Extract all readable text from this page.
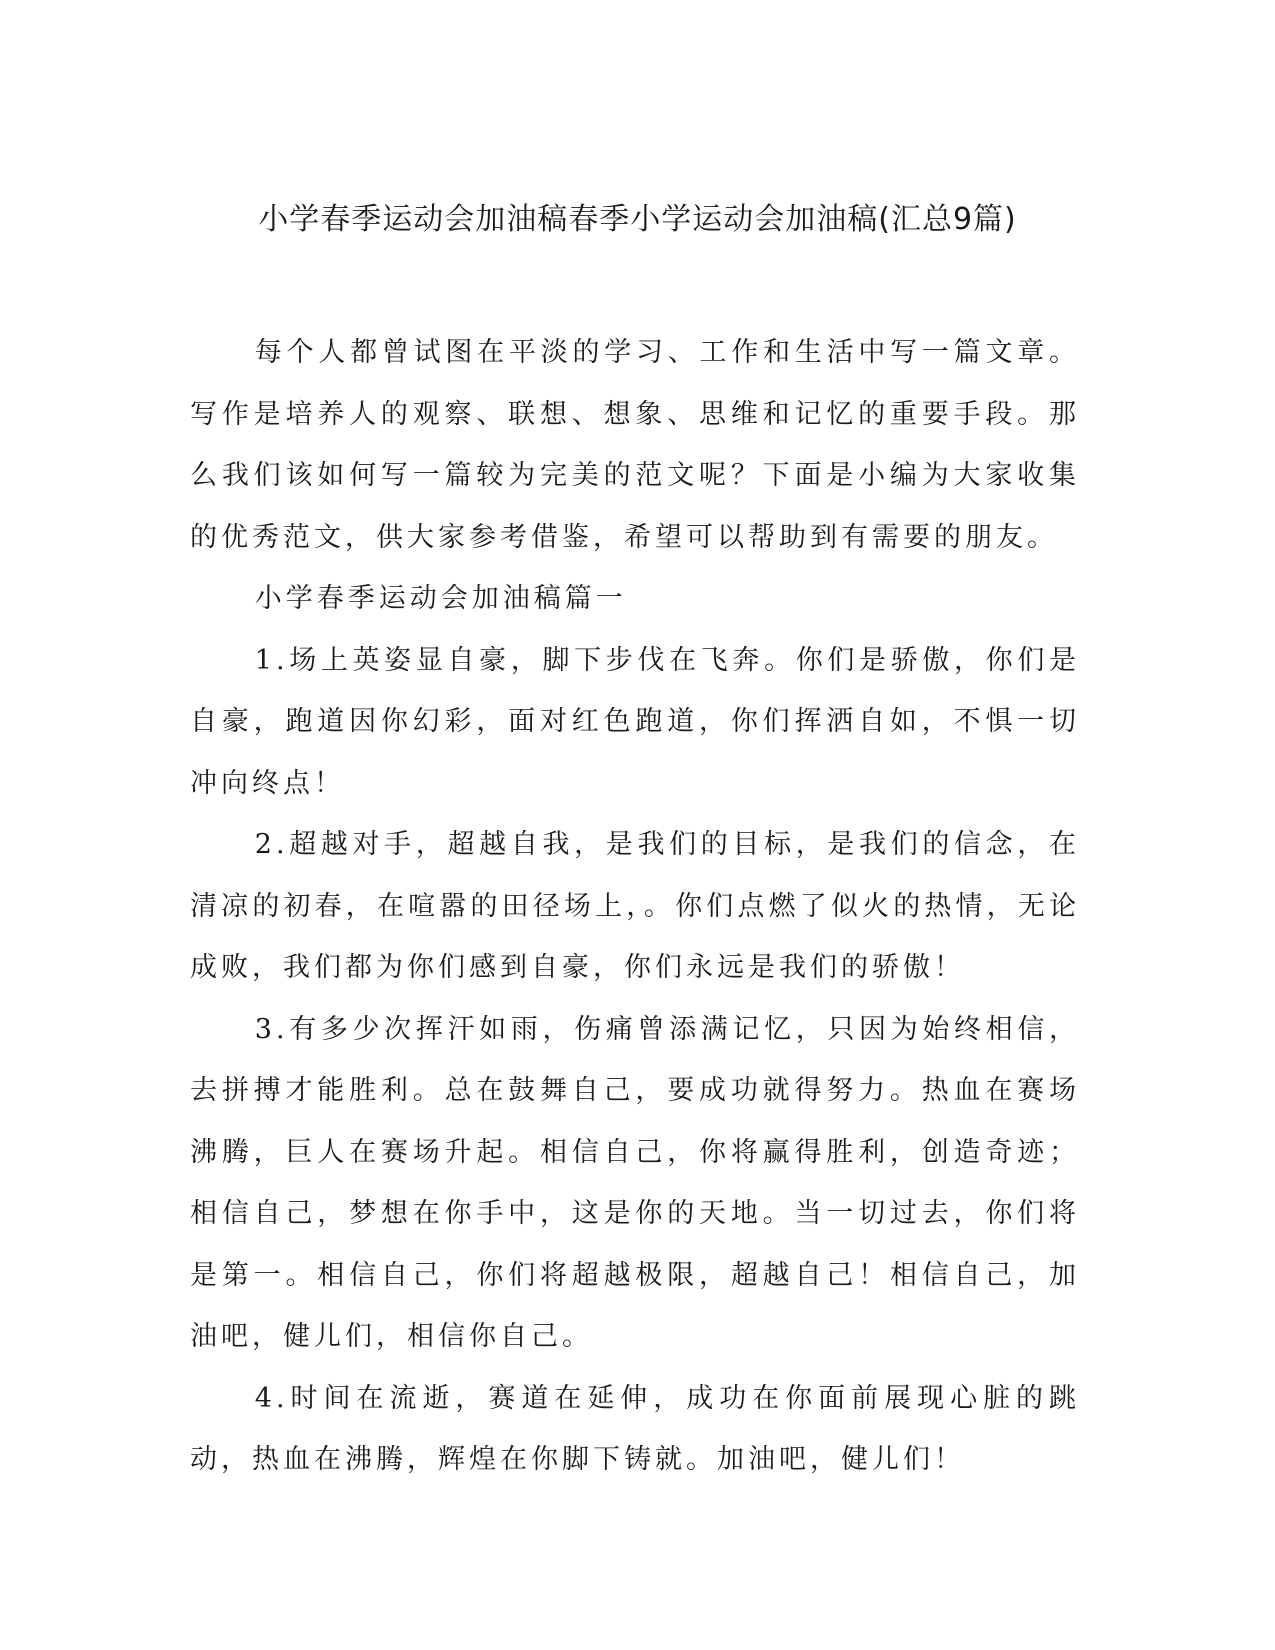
小学春季运动会加油稿春季小学运动会加油稿(汇总9篇)

每个人都曾试图在平淡的学习、工作和生活中写一篇文章。写作是培养人的观察、联想、想象、思维和记忆的重要手段。那么我们该如何写一篇较为完美的范文呢？下面是小编为大家收集的优秀范文，供大家参考借鉴，希望可以帮助到有需要的朋友。

小学春季运动会加油稿篇一

1.场上英姿显自豪，脚下步伐在飞奔。你们是骄傲，你们是自豪，跑道因你幻彩，面对红色跑道，你们挥洒自如，不惧一切冲向终点！

2.超越对手，超越自我，是我们的目标，是我们的信念，在清凉的初春，在喧嚣的田径场上，。你们点燃了似火的热情，无论成败，我们都为你们感到自豪，你们永远是我们的骄傲！

3.有多少次挥汗如雨，伤痛曾添满记忆，只因为始终相信，去拼搏才能胜利。总在鼓舞自己，要成功就得努力。热血在赛场沸腾，巨人在赛场升起。相信自己，你将赢得胜利，创造奇迹；相信自己，梦想在你手中，这是你的天地。当一切过去，你们将是第一。相信自己，你们将超越极限，超越自己！相信自己，加油吧，健儿们，相信你自己。

4.时间在流逝，赛道在延伸，成功在你面前展现心脏的跳动，热血在沸腾，辉煌在你脚下铸就。加油吧，健儿们！
